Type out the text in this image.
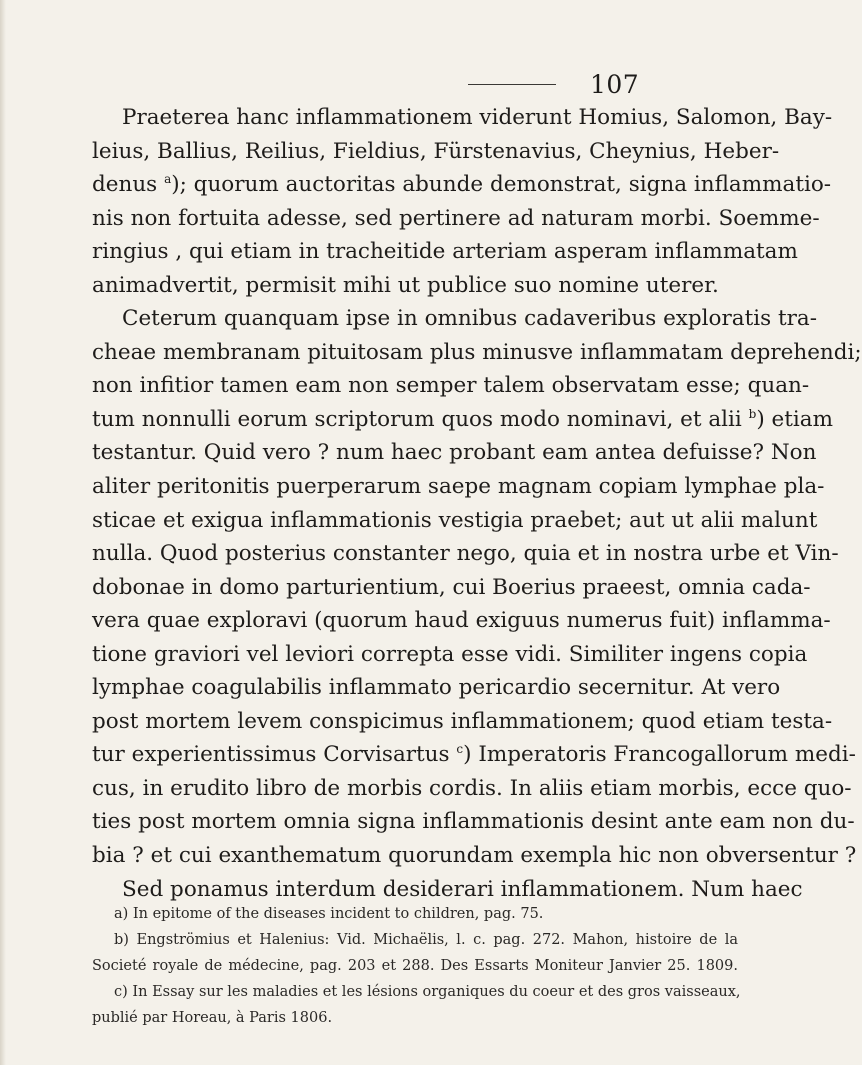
107
Praeterea hanc inflammationem viderunt Homius, Salomon, Bay-
leius, Ballius, Reilius, Fieldius, Fürstenavius, Cheynius, Heber-
denus $^a$); quorum auctoritas abunde demonstrat, signa inflammatio-
nis non fortuita adesse, sed pertinere ad naturam morbi. Soemme-
ringius , qui etiam in tracheitide arteriam asperam inflammatam
animadvertit, permisit mihi ut publice suo nomine uterer.
Ceterum quanquam ipse in omnibus cadaveribus exploratis tra-
cheae membranam pituitosam plus minusve inflammatam deprehendi;
non infitior tamen eam non semper talem observatam esse; quan-
tum nonnulli eorum scriptorum quos modo nominavi, et alii $^b$) etiam
testantur. Quid vero ? num haec probant eam antea defuisse? Non
aliter peritonitis puerperarum saepe magnam copiam lymphae pla-
sticae et exigua inflammationis vestigia praebet; aut ut alii malunt
nulla. Quod posterius constanter nego, quia et in nostra urbe et Vin-
dobonae in domo parturientium, cui Boerius praeest, omnia cada-
vera quae exploravi (quorum haud exiguus numerus fuit) inflamma-
tione graviori vel leviori correpta esse vidi. Similiter ingens copia
lymphae coagulabilis inflammato pericardio secernitur. At vero
post mortem levem conspicimus inflammationem; quod etiam testa-
tur experientissimus Corvisartus $^c$) Imperatoris Francogallorum medi-
cus, in erudito libro de morbis cordis. In aliis etiam morbis, ecce quo-
ties post mortem omnia signa inflammationis desint ante eam non du-
bia ? et cui exanthematum quorundam exempla hic non obversentur ?
Sed ponamus interdum desiderari inflammationem. Num haec
a) In epitome of the diseases incident to children, pag. 75.
b) Engströmius et Halenius: Vid. Michaëlis, l. c. pag. 272. Mahon, histoire de la
Societé royale de médecine, pag. 203 et 288. Des Essarts Moniteur Janvier 25. 1809.
c) In Essay sur les maladies et les lésions organiques du coeur et des gros vaisseaux,
publié par Horeau, à Paris 1806.
